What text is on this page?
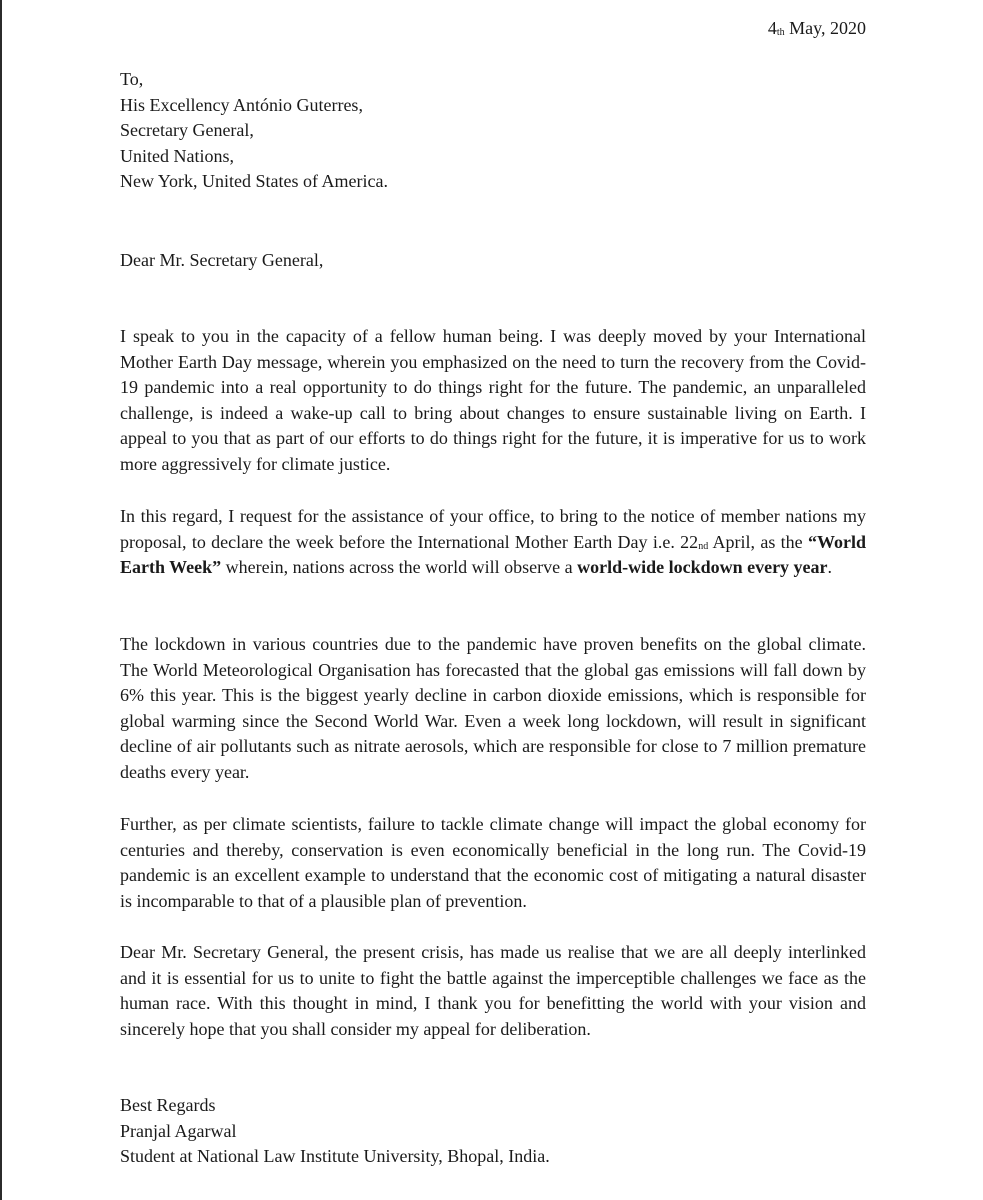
$4_{th}$ May, 2020
To,
His Excellency António Guterres,
Secretary General,
United Nations,
New York, United States of America.
Dear Mr. Secretary General,
I speak to you in the capacity of a fellow human being. I was deeply moved by your International Mother Earth Day message, wherein you emphasized on the need to turn the recovery from the Covid-19 pandemic into a real opportunity to do things right for the future. The pandemic, an unparalleled challenge, is indeed a wake-up call to bring about changes to ensure sustainable living on Earth. I appeal to you that as part of our efforts to do things right for the future, it is imperative for us to work more aggressively for climate justice.
In this regard, I request for the assistance of your office, to bring to the notice of member nations my proposal, to declare the week before the International Mother Earth Day i.e. $22_{nd}$ April, as the “World Earth Week” wherein, nations across the world will observe a world-wide lockdown every year.
The lockdown in various countries due to the pandemic have proven benefits on the global climate. The World Meteorological Organisation has forecasted that the global gas emissions will fall down by 6% this year. This is the biggest yearly decline in carbon dioxide emissions, which is responsible for global warming since the Second World War. Even a week long lockdown, will result in significant decline of air pollutants such as nitrate aerosols, which are responsible for close to 7 million premature deaths every year.
Further, as per climate scientists, failure to tackle climate change will impact the global economy for centuries and thereby, conservation is even economically beneficial in the long run. The Covid-19 pandemic is an excellent example to understand that the economic cost of mitigating a natural disaster is incomparable to that of a plausible plan of prevention.
Dear Mr. Secretary General, the present crisis, has made us realise that we are all deeply interlinked and it is essential for us to unite to fight the battle against the imperceptible challenges we face as the human race. With this thought in mind, I thank you for benefitting the world with your vision and sincerely hope that you shall consider my appeal for deliberation.
Best Regards
Pranjal Agarwal
Student at National Law Institute University, Bhopal, India.
